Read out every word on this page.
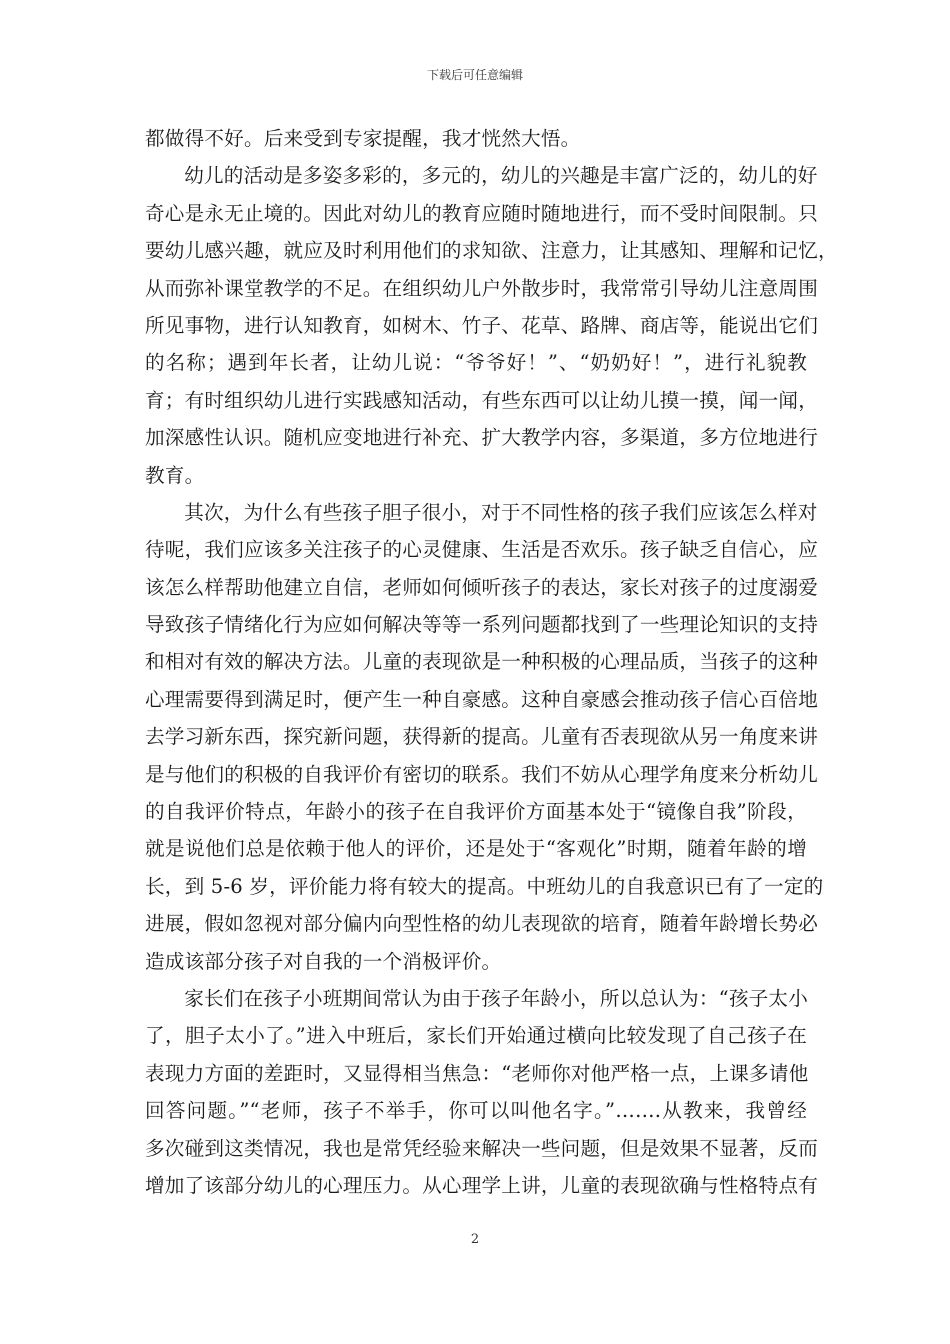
下载后可任意编辑
都做得不好。后来受到专家提醒，我才恍然大悟。
幼儿的活动是多姿多彩的，多元的，幼儿的兴趣是丰富广泛的，幼儿的好
奇心是永无止境的。因此对幼儿的教育应随时随地进行，而不受时间限制。只
要幼儿感兴趣，就应及时利用他们的求知欲、注意力，让其感知、理解和记忆，
从而弥补课堂教学的不足。在组织幼儿户外散步时，我常常引导幼儿注意周围
所见事物，进行认知教育，如树木、竹子、花草、路牌、商店等，能说出它们
的名称；遇到年长者，让幼儿说：“爷爷好！”、“奶奶好！”，进行礼貌教
育；有时组织幼儿进行实践感知活动，有些东西可以让幼儿摸一摸，闻一闻，
加深感性认识。随机应变地进行补充、扩大教学内容，多渠道，多方位地进行
教育。
其次，为什么有些孩子胆子很小，对于不同性格的孩子我们应该怎么样对
待呢，我们应该多关注孩子的心灵健康、生活是否欢乐。孩子缺乏自信心，应
该怎么样帮助他建立自信，老师如何倾听孩子的表达，家长对孩子的过度溺爱
导致孩子情绪化行为应如何解决等等一系列问题都找到了一些理论知识的支持
和相对有效的解决方法。儿童的表现欲是一种积极的心理品质，当孩子的这种
心理需要得到满足时，便产生一种自豪感。这种自豪感会推动孩子信心百倍地
去学习新东西，探究新问题，获得新的提高。儿童有否表现欲从另一角度来讲
是与他们的积极的自我评价有密切的联系。我们不妨从心理学角度来分析幼儿
的自我评价特点，年龄小的孩子在自我评价方面基本处于“镜像自我”阶段，
就是说他们总是依赖于他人的评价，还是处于“客观化”时期，随着年龄的增
长，到 5-6 岁，评价能力将有较大的提高。中班幼儿的自我意识已有了一定的
进展，假如忽视对部分偏内向型性格的幼儿表现欲的培育，随着年龄增长势必
造成该部分孩子对自我的一个消极评价。
家长们在孩子小班期间常认为由于孩子年龄小，所以总认为：“孩子太小
了，胆子太小了。”进入中班后，家长们开始通过横向比较发现了自己孩子在
表现力方面的差距时，又显得相当焦急：“老师你对他严格一点，上课多请他
回答问题。”“老师，孩子不举手，你可以叫他名字。”…….从教来，我曾经
多次碰到这类情况，我也是常凭经验来解决一些问题，但是效果不显著，反而
增加了该部分幼儿的心理压力。从心理学上讲，儿童的表现欲确与性格特点有
2
